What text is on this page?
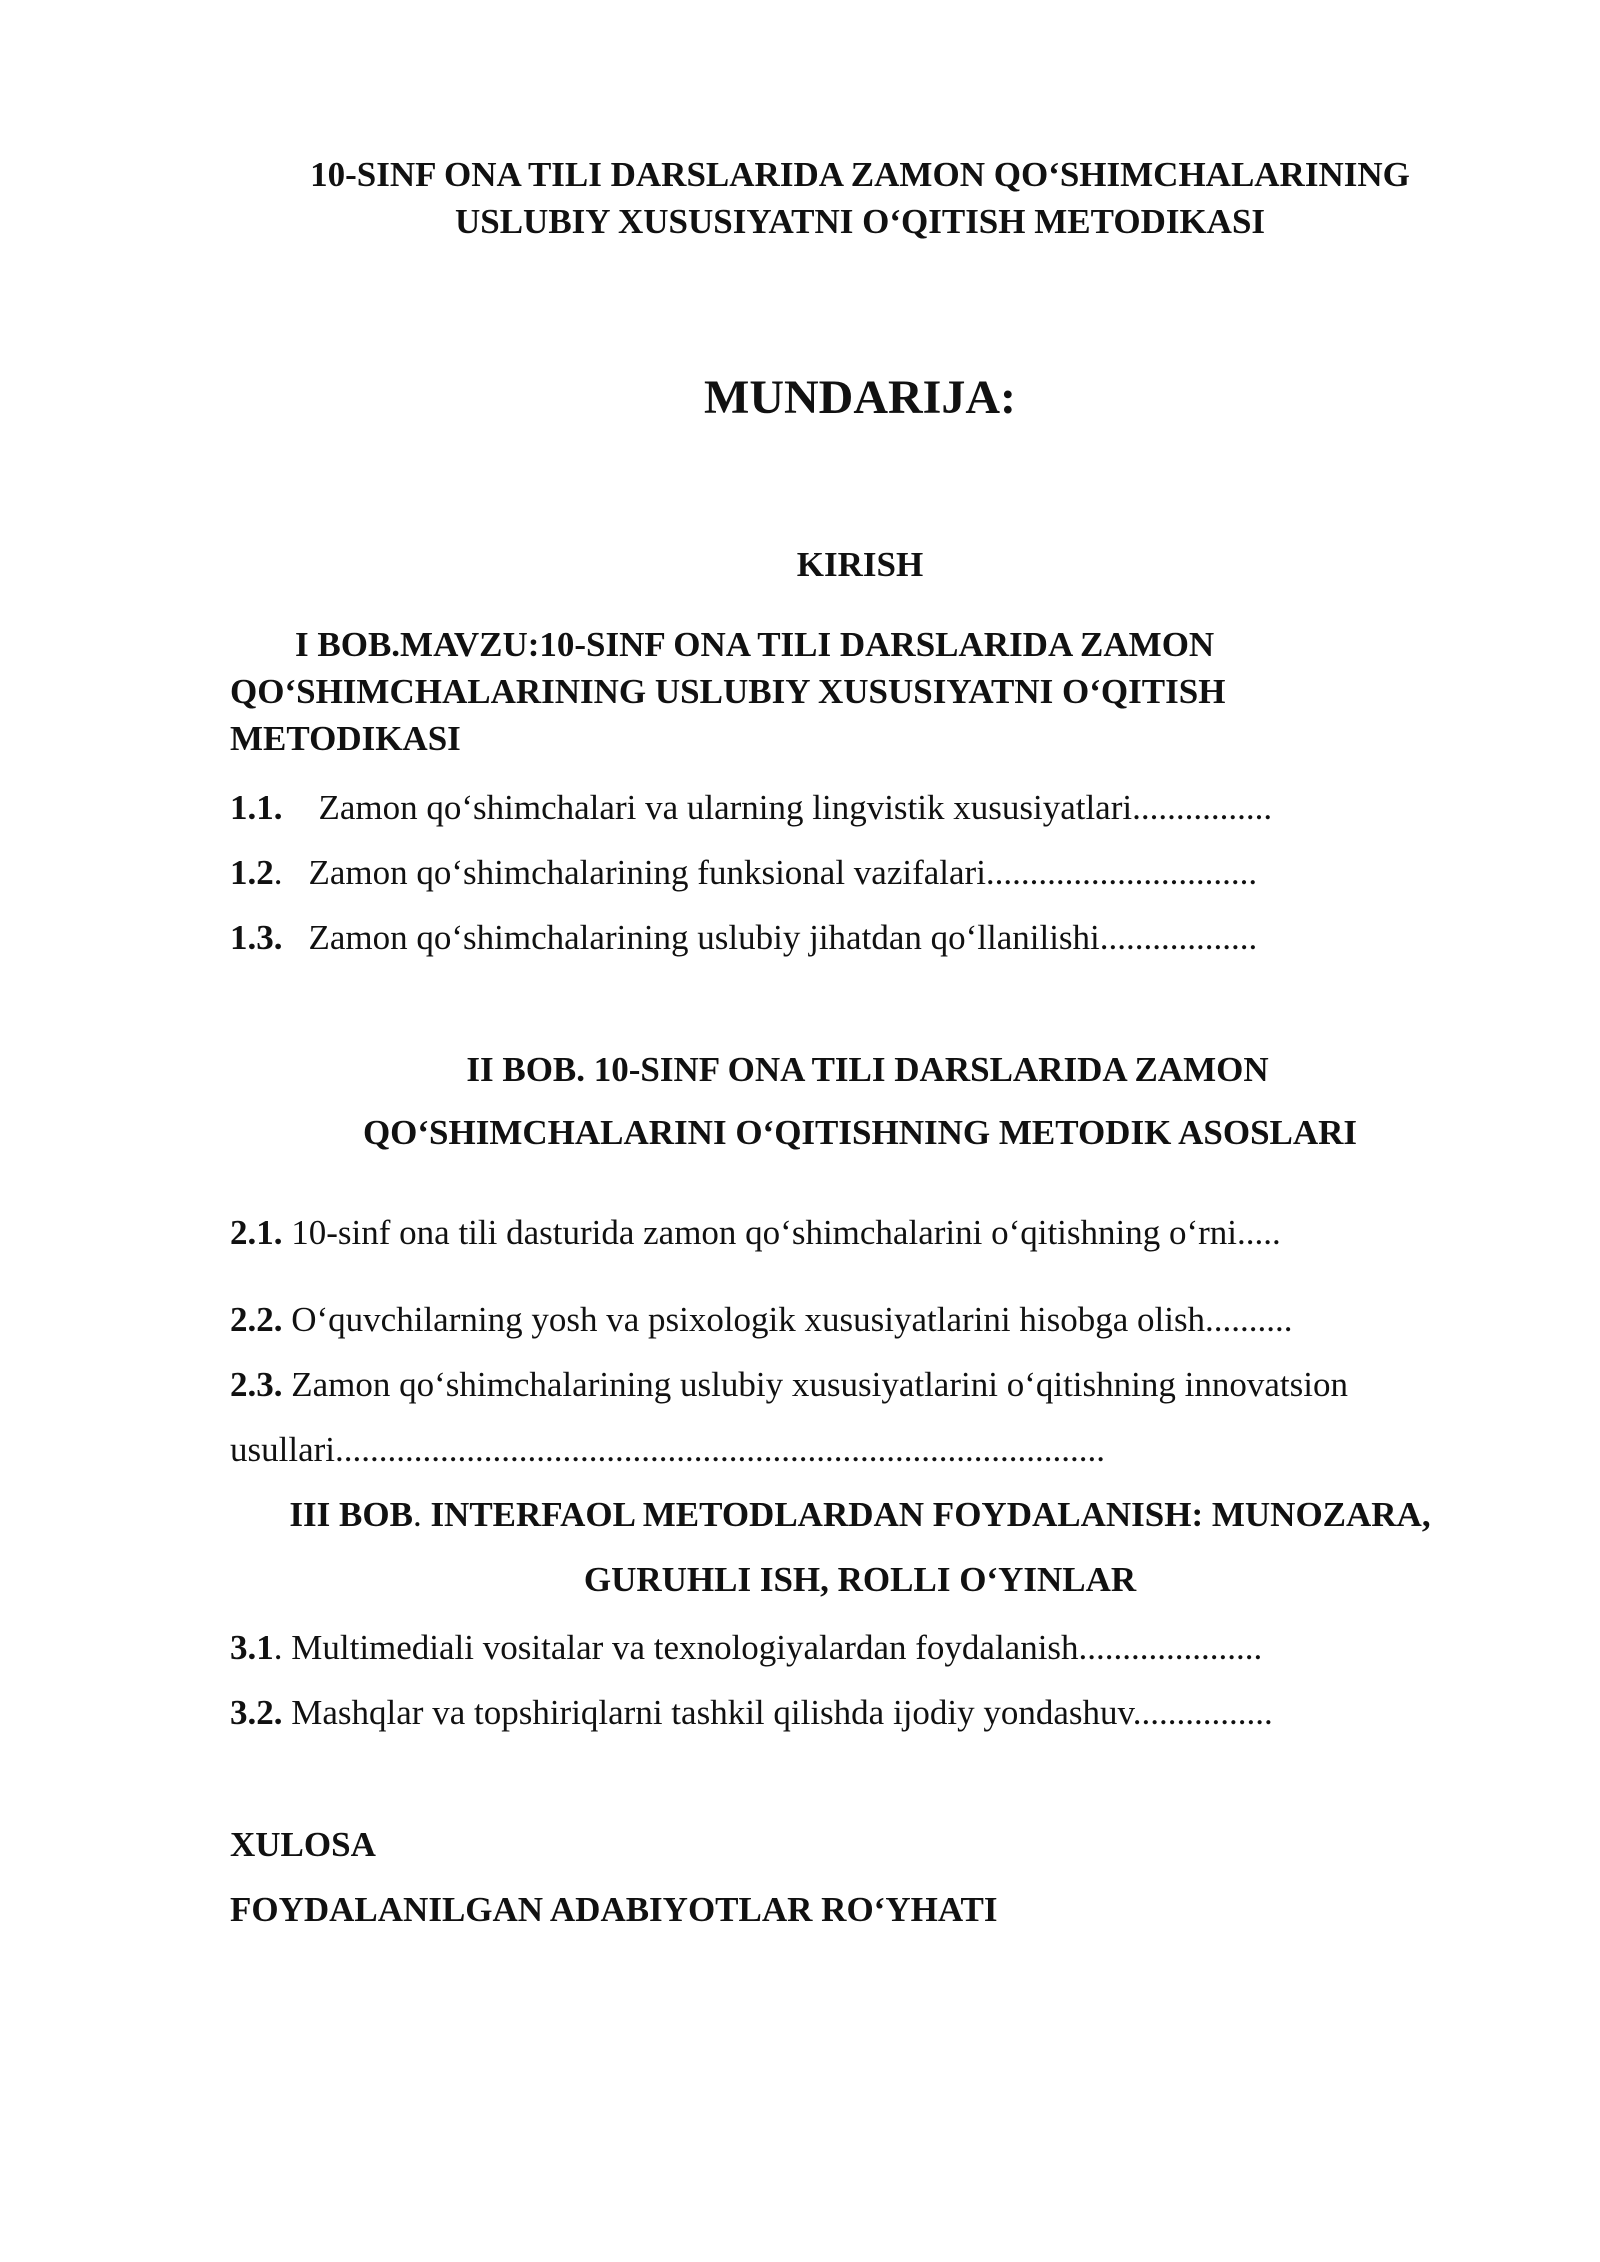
10-SINF ONA TILI DARSLARIDA ZAMON QO‘SHIMCHALARINING
USLUBIY XUSUSIYATNI O‘QITISH METODIKASI
MUNDARIJA:
KIRISH
I BOB.MAVZU:10-SINF ONA TILI DARSLARIDA ZAMON
QO‘SHIMCHALARINING USLUBIY XUSUSIYATNI O‘QITISH
METODIKASI
1.1. Zamon qo‘shimchalari va ularning lingvistik xususiyatlari................
1.2. Zamon qo‘shimchalarining funksional vazifalari...............................
1.3. Zamon qo‘shimchalarining uslubiy jihatdan qo‘llanilishi..................
II BOB. 10-SINF ONA TILI DARSLARIDA ZAMON
QO‘SHIMCHALARINI O‘QITISHNING METODIK ASOSLARI
2.1. 10-sinf ona tili dasturida zamon qo‘shimchalarini o‘qitishning o‘rni.....
2.2. O‘quvchilarning yosh va psixologik xususiyatlarini hisobga olish..........
2.3. Zamon qo‘shimchalarining uslubiy xususiyatlarini o‘qitishning innovatsion
usullari........................................................................................
III BOB. INTERFAOL METODLARDAN FOYDALANISH: MUNOZARA,
GURUHLI ISH, ROLLI O‘YINLAR
3.1. Multimediali vositalar va texnologiyalardan foydalanish.....................
3.2. Mashqlar va topshiriqlarni tashkil qilishda ijodiy yondashuv................
XULOSA
FOYDALANILGAN ADABIYOTLAR RO‘YHATI
